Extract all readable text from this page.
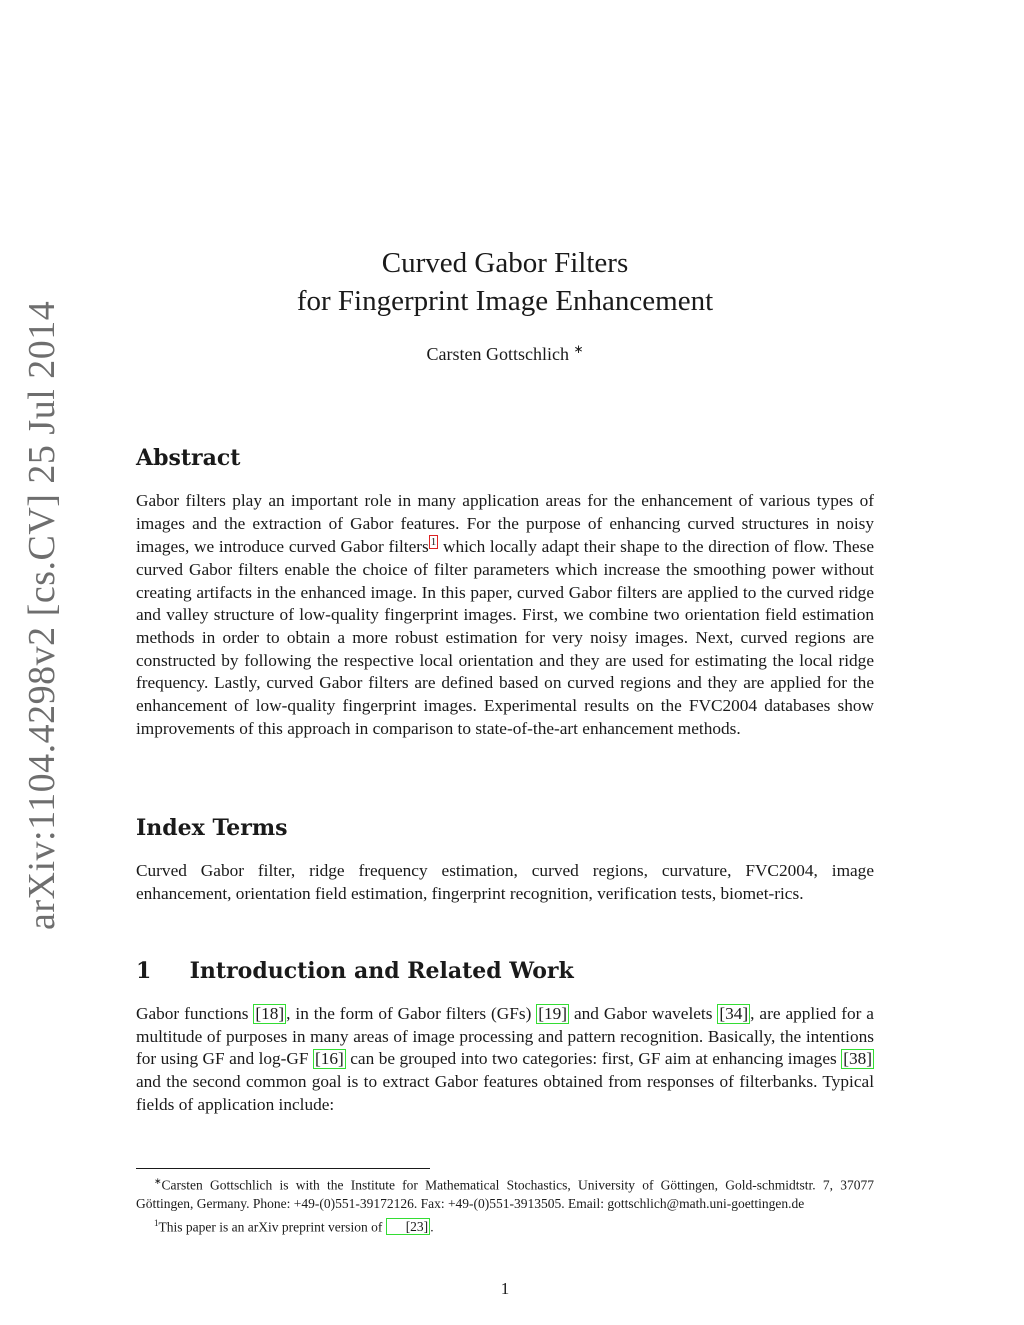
arXiv:1104.4298v2 [cs.CV] 25 Jul 2014
Curved Gabor Filters
for Fingerprint Image Enhancement
Carsten Gottschlich ∗
Abstract

Gabor filters play an important role in many application areas for the enhancement of various types of images and the extraction of Gabor features. For the purpose of enhancing curved structures in noisy images, we introduce curved Gabor filters 1 which locally adapt their shape to the direction of flow. These curved Gabor filters enable the choice of filter parameters which increase the smoothing power without creating artifacts in the enhanced image. In this paper, curved Gabor filters are applied to the curved ridge and valley structure of low-quality fingerprint images. First, we combine two orientation field estimation methods in order to obtain a more robust estimation for very noisy images. Next, curved regions are constructed by following the respective local orientation and they are used for estimating the local ridge frequency. Lastly, curved Gabor filters are defined based on curved regions and they are applied for the enhancement of low-quality fingerprint images. Experimental results on the FVC2004 databases show improvements of this approach in comparison to state-of-the-art enhancement methods.

Index Terms

Curved Gabor filter, ridge frequency estimation, curved regions, curvature, FVC2004, image enhancement, orientation field estimation, fingerprint recognition, verification tests, biomet-rics.

1     Introduction and Related Work

Gabor functions [18] , in the form of Gabor filters (GFs) [19] and Gabor wavelets [34] , are applied for a multitude of purposes in many areas of image processing and pattern recognition. Basically, the intentions for using GF and log-GF [16] can be grouped into two categories: first, GF aim at enhancing images [38] and the second common goal is to extract Gabor features obtained from responses of filterbanks. Typical fields of application include:

∗Carsten Gottschlich is with the Institute for Mathematical Stochastics, University of Göttingen, Gold-schmidtstr. 7, 37077 Göttingen, Germany. Phone: +49-(0)551-39172126. Fax: +49-(0)551-3913505. Email: gottschlich@math.uni-goettingen.de

$^1$This paper is an arXiv preprint version of [23] .

1
